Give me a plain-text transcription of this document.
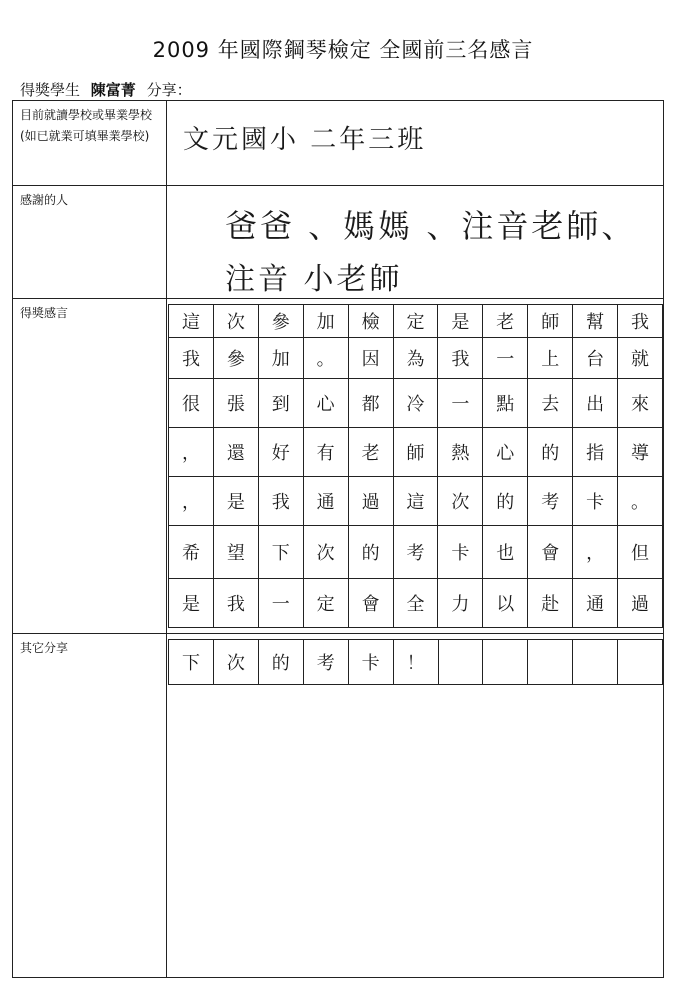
2009 年國際鋼琴檢定 全國前三名感言
得獎學生 陳富菁 分享：
目前就讀學校或畢業學校(如已就業可填畢業學校)	文元國小 二年三班
感謝的人
爸爸 、媽媽 、注音老師、
注音 小老師
得獎感言	這	次	參	加	檢	定	是	老	師	幫	我
我	參	加	。	因	為	我	一	上	台	就
很	張	到	心	都	冷	一	點	去	出	來
，	還	好	有	老	師	熱	心	的	指	導
，	是	我	通	過	這	次	的	考	卡	。
希	望	下	次	的	考	卡	也	會	，	但
是	我	一	定	會	全	力	以	赴	通	過
其它分享
下	次	的	考	卡	！					
